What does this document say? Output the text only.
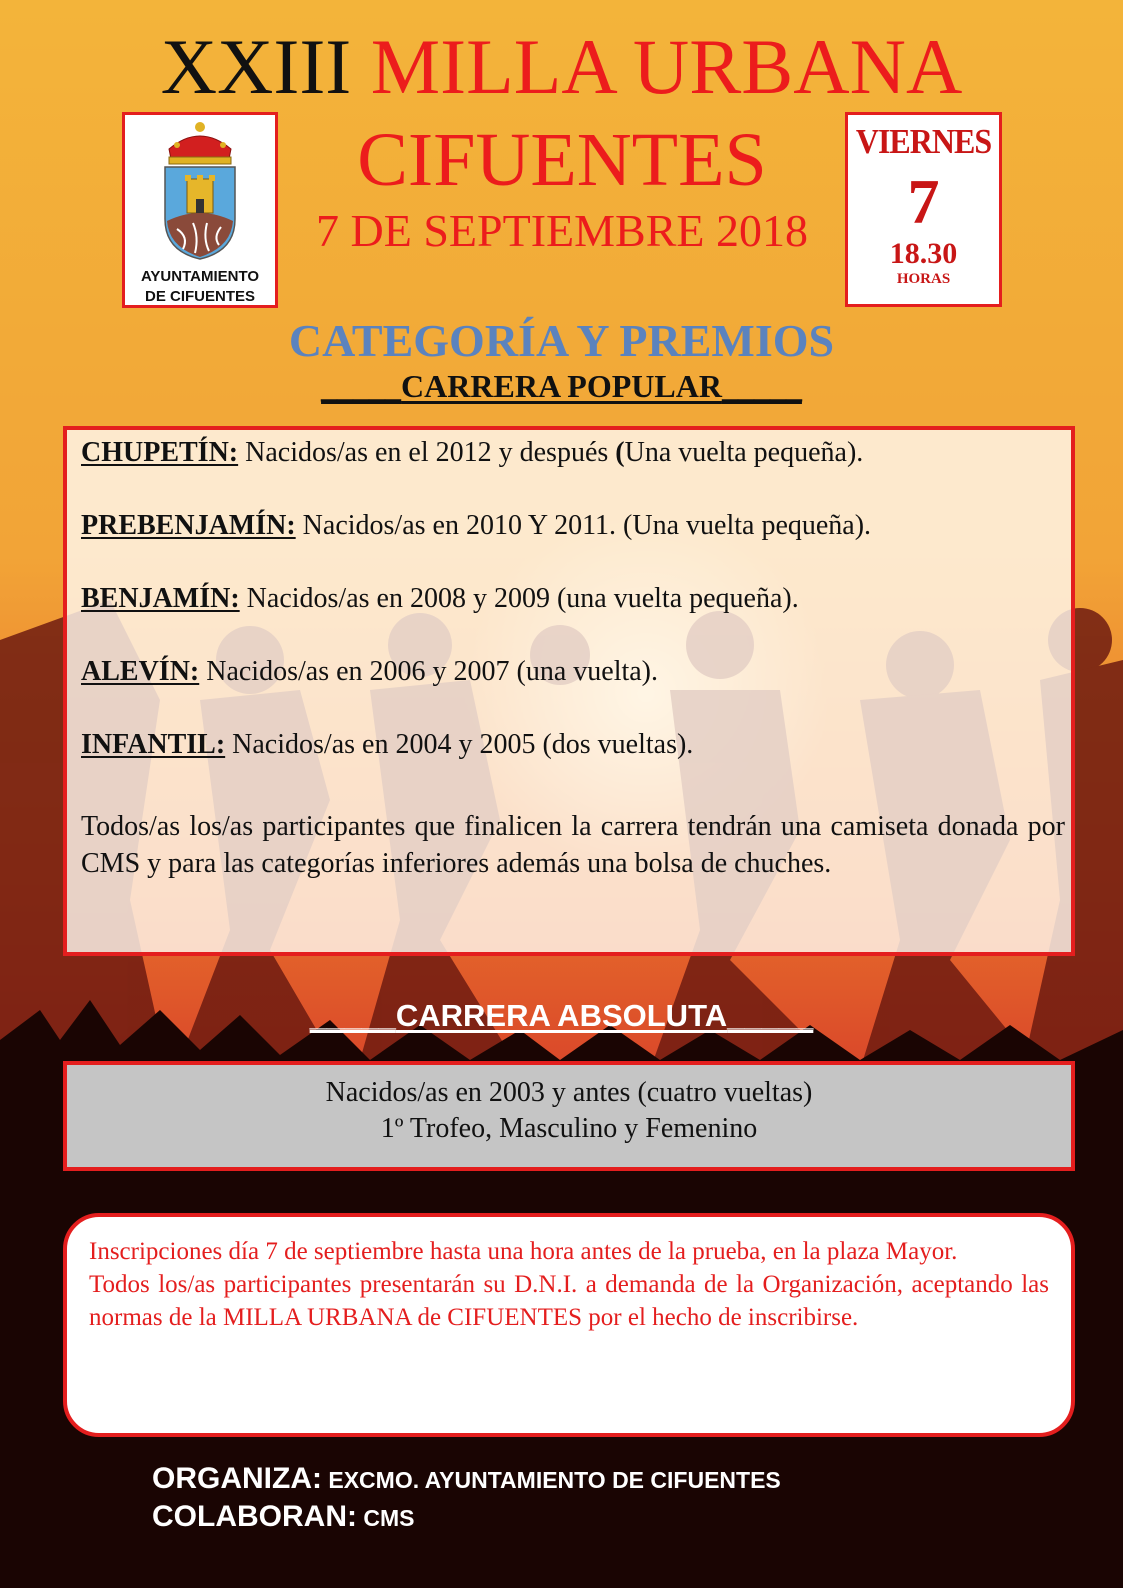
XXIII MILLA URBANA
CIFUENTES
7 DE SEPTIEMBRE 2018
AYUNTAMIENTO
DE CIFUENTES
VIERNES
7
18.30
HORAS
CATEGORÍA Y PREMIOS
_____CARRERA POPULAR_____
CHUPETÍN: Nacidos/as en el 2012 y después (Una vuelta pequeña).
PREBENJAMÍN: Nacidos/as en 2010 Y 2011. (Una vuelta pequeña).
BENJAMÍN: Nacidos/as en 2008 y 2009 (una vuelta pequeña).
ALEVÍN: Nacidos/as en 2006 y 2007 (una vuelta).
INFANTIL: Nacidos/as en 2004 y 2005 (dos vueltas).
Todos/as los/as participantes que finalicen la carrera tendrán una camiseta donada por CMS y para las categorías inferiores además una bolsa de chuches.
_____CARRERA ABSOLUTA_____
Nacidos/as en 2003 y antes (cuatro vueltas)
1º Trofeo, Masculino y Femenino

Inscripciones día 7 de septiembre hasta una hora antes de la prueba, en la plaza Mayor.

Todos los/as participantes presentarán su D.N.I. a demanda de la Organización, aceptando las normas de la MILLA URBANA de CIFUENTES por el hecho de inscribirse.

ORGANIZA: EXCMO. AYUNTAMIENTO DE CIFUENTES
COLABORAN: CMS
